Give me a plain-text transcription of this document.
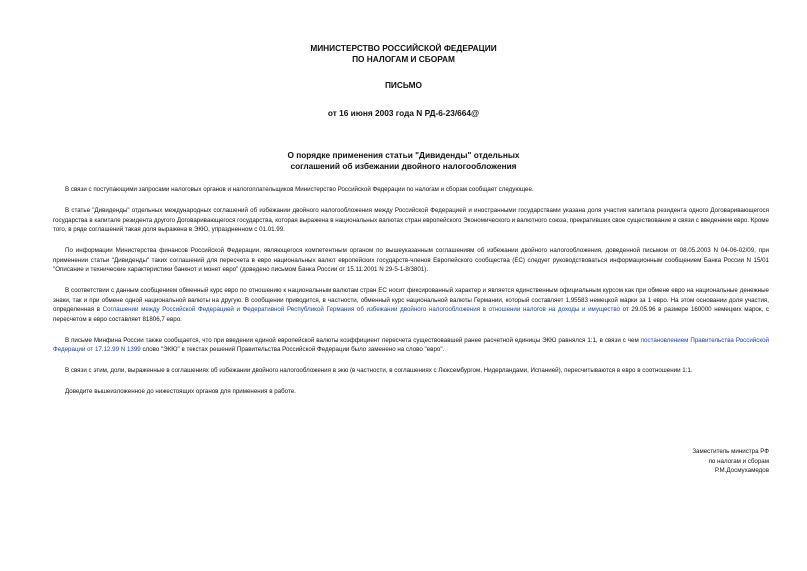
МИНИСТЕРСТВО РОССИЙСКОЙ ФЕДЕРАЦИИ
ПО НАЛОГАМ И СБОРАМ
ПИСЬМО
от 16 июня 2003 года N РД-6-23/664@
О порядке применения статьи "Дивиденды" отдельных
соглашений об избежании двойного налогообложения

В связи с поступающими запросами налоговых органов и налогоплательщиков Министерство Российской Федерации по налогам и сборам сообщает следующее.

В статье "Дивиденды" отдельных международных соглашений об избежании двойного налогообложения между Российской Федерацией и иностранными государствами указана доля участия капитала резидента одного Договаривающегося государства в капитале резидента другого Договаривающегося государства, которая выражена в национальных валютах стран европейского Экономического и валютного союза, прекративших свое существование в связи с введением евро. Кроме того, в ряде соглашений такая доля выражена в ЭКЮ, упраздненном с 01.01.99.

По информации Министерства финансов Российской Федерации, являющегося компетентным органом по вышеуказанным соглашениям об избежании двойного налогообложения, доведенной письмом от 08.05.2003 N 04-06-02/09, при применении статьи "Дивиденды" таких соглашений для пересчета в евро национальных валют европейских государств-членов Европейского сообщества (ЕС) следует руководствоваться информационным сообщением Банка России N 15/01 "Описание и технические характеристики банкнот и монет евро" (доведено письмом Банка России от 15.11.2001 N 29-5-1-8/3801).

В соответствии с данным сообщением обменный курс евро по отношению к национальным валютам стран ЕС носит фиксированный характер и является единственным официальным курсом как при обмене евро на национальные денежные знаки, так и при обмене одной национальной валюты на другую. В сообщении приводится, в частности, обменный курс национальной валюты Германии, который составляет 1,95583 немецкой марки за 1 евро. На этом основании доля участия, определенная в Соглашении между Российской Федерацией и Федеративной Республикой Германия об избежании двойного налогообложения в отношении налогов на доходы и имущество от 29.05.96 в размере 160000 немецких марок, с пересчетом в евро составляет 81806,7 евро.

В письме Минфина России также сообщается, что при введении единой европейской валюты коэффициент пересчета существовавшей ранее расчетной единицы ЭКЮ равнялся 1:1, в связи с чем постановлением Правительства Российской Федерации от 17.12.99 N 1399 слово "ЭКЮ" в текстах решений Правительства Российской Федерации было заменено на слово "евро".

В связи с этим, доли, выраженные в соглашениях об избежании двойного налогообложения в экю (в частности, в соглашениях с Люксембургом, Нидерландами, Испанией), пересчитываются в евро в соотношении 1:1.

Доведите вышеизложенное до нижестоящих органов для применения в работе.

Заместитель министра РФ
по налогам и сборам
Р.М.Досмухамедов
